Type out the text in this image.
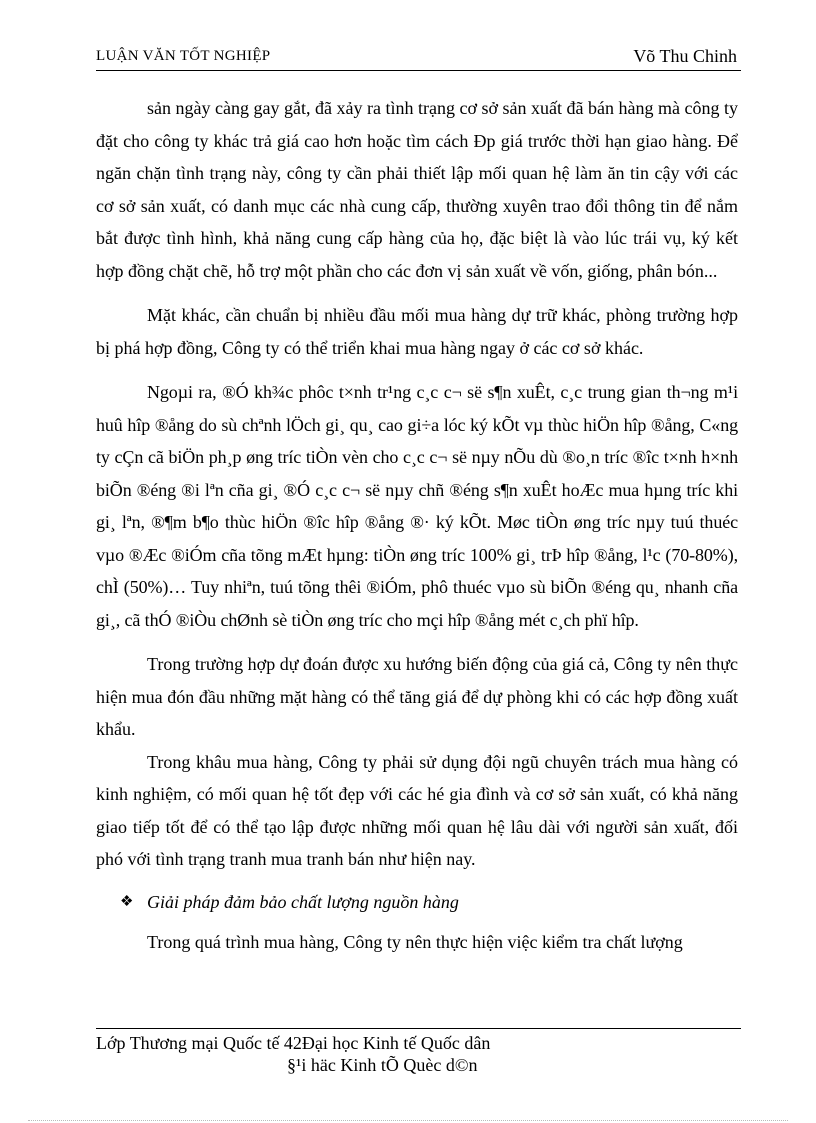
LUẬN VĂN TỐT NGHIỆP	Võ Thu Chinh

sản ngày càng gay gắt, đã xảy ra tình trạng cơ sở sản xuất đã bán hàng mà công ty đặt cho công ty khác trả giá cao hơn hoặc tìm cách Ðp giá trước thời hạn giao hàng. Để ngăn chặn tình trạng này, công ty cần phải thiết lập mối quan hệ làm ăn tin cậy với các cơ sở sản xuất, có danh mục các nhà cung cấp, thường xuyên trao đổi thông tin để nắm bắt được tình hình, khả năng cung cấp hàng của họ, đặc biệt là vào lúc trái vụ, ký kết hợp đồng chặt chẽ, hỗ trợ một phần cho các đơn vị sản xuất về vốn, giống, phân bón...

Mặt khác, cần chuẩn bị nhiều đầu mối mua hàng dự trữ khác, phòng trường hợp bị phá hợp đồng, Công ty có thể triển khai mua hàng ngay ở các cơ sở khác.

Ngoµi ra, ®Ó kh¾c phôc t×nh tr¹ng c¸c c¬ së s¶n xuÊt, c¸c trung gian th¬ng m¹i huû hîp ®ång do sù chªnh lÖch gi¸ qu¸ cao gi÷a lóc ký kÕt vµ thùc hiÖn hîp ®ång, C«ng ty cÇn cã biÖn ph¸p øng tríc tiÒn vèn cho c¸c c¬ së nµy nÕu dù ®o¸n tríc ®îc t×nh h×nh biÕn ®éng ®i lªn cña gi¸ ®Ó c¸c c¬ së nµy chñ ®éng s¶n xuÊt hoÆc mua hµng tríc khi gi¸ lªn, ®¶m b¶o thùc hiÖn ®îc hîp ®ång ®· ký kÕt. Møc tiÒn øng tríc nµy tuú thuéc vµo ®Æc ®iÓm cña tõng mÆt hµng: tiÒn øng tríc 100% gi¸ trÞ hîp ®ång, l¹c (70-80%), chÌ (50%)… Tuy nhiªn, tuú tõng thêi ®iÓm, phô thuéc vµo sù biÕn ®éng qu¸ nhanh cña gi¸, cã thÓ ®iÒu chØnh sè tiÒn øng tríc cho mçi hîp ®ång mét c¸ch phï hîp.

Trong trường hợp dự đoán được xu hướng biến động của giá cả, Công ty nên thực hiện mua đón đầu những mặt hàng có thể tăng giá để dự phòng khi có các hợp đồng xuất khẩu.

Trong khâu mua hàng, Công ty phải sử dụng đội ngũ chuyên trách mua hàng có kinh nghiệm, có mối quan hệ tốt đẹp với các hé gia đình và cơ sở sản xuất, có khả năng giao tiếp tốt để có thể tạo lập được những mối quan hệ lâu dài với người sản xuất, đối phó với tình trạng tranh mua tranh bán như hiện nay.

❖ Giải pháp đảm bảo chất lượng nguồn hàng

Trong quá trình mua hàng, Công ty nên thực hiện việc kiểm tra chất lượng

Lớp Thương mại Quốc tế 42Đại học Kinh tế Quốc dân
§¹i häc Kinh tÕ Quèc d©n
